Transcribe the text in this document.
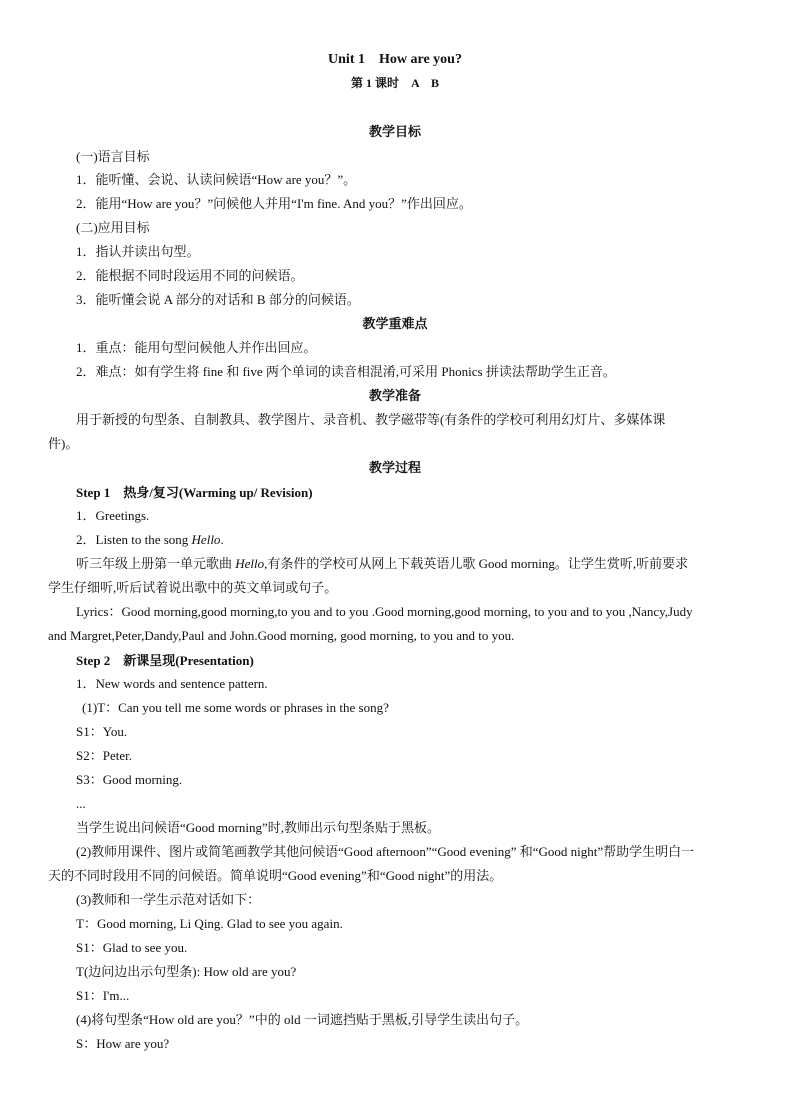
Unit 1　How are you?
第 1 课时　A　B
教学目标
(一)语言目标
1．能听懂、会说、认读问候语“How are you？”。
2．能用“How are you？”问候他人并用“I'm fine. And you？”作出回应。
(二)应用目标
1．指认并读出句型。
2．能根据不同时段运用不同的问候语。
3．能听懂会说 A 部分的对话和 B 部分的问候语。
教学重难点
1．重点：能用句型问候他人并作出回应。
2．难点：如有学生将 fine 和 five 两个单词的读音相混淆,可采用 Phonics 拼读法帮助学生正音。
教学准备
用于新授的句型条、自制教具、教学图片、录音机、教学磁带等(有条件的学校可利用幻灯片、多媒体课
件)。
教学过程
Step 1　热身/复习(Warming up/ Revision)
1．Greetings.
2．Listen to the song Hello.
听三年级上册第一单元歌曲 Hello,有条件的学校可从网上下载英语儿歌 Good morning。让学生赏听,听前要求
学生仔细听,听后试着说出歌中的英文单词或句子。
Lyrics：Good morning,good morning,to you and to you .Good morning,good morning, to you and to you ,Nancy,Judy
and Margret,Peter,Dandy,Paul and John.Good morning, good morning, to you and to you.
Step 2　新课呈现(Presentation)
1．New words and sentence pattern.
(1)T：Can you tell me some words or phrases in the song?
S1：You.
S2：Peter.
S3：Good morning.
...
当学生说出问候语“Good morning”时,教师出示句型条贴于黑板。
(2)教师用课件、图片或简笔画教学其他问候语“Good afternoon”“Good evening” 和“Good night”帮助学生明白一
天的不同时段用不同的问候语。简单说明“Good evening”和“Good night”的用法。
(3)教师和一学生示范对话如下：
T：Good morning, Li Qing. Glad to see you again.
S1：Glad to see you.
T(边问边出示句型条): How old are you?
S1：I'm...
(4)将句型条“How old are you？”中的 old 一词遮挡贴于黑板,引导学生读出句子。
S：How are you?
